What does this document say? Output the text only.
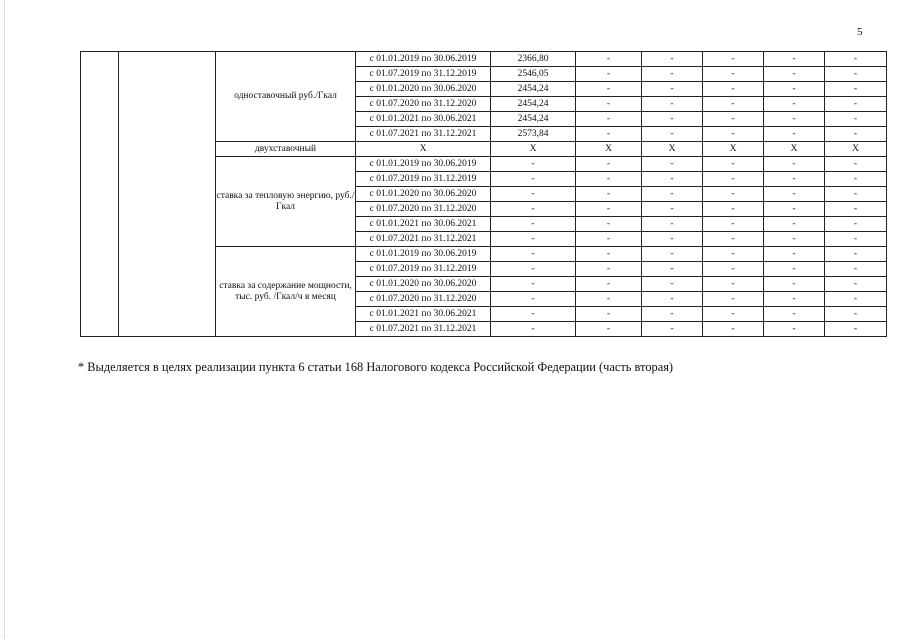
5
		одноставочный руб./Гкал	с 01.01.2019 по 30.06.2019	2366,80	-	-	-	-	-
			с 01.07.2019 по 31.12.2019	2546,05	-	-	-	-	-
			с 01.01.2020 по 30.06.2020	2454,24	-	-	-	-	-
			с 01.07.2020 по 31.12.2020	2454,24	-	-	-	-	-
			с 01.01.2021 по 30.06.2021	2454,24	-	-	-	-	-
			с 01.07.2021 по 31.12.2021	2573,84	-	-	-	-	-
		двухставочный	Х	Х	Х	Х	Х	Х	Х
		ставка за тепловую энергию, руб./Гкал	с 01.01.2019 по 30.06.2019	-	-	-	-	-	-
			с 01.07.2019 по 31.12.2019	-	-	-	-	-	-
			с 01.01.2020 по 30.06.2020	-	-	-	-	-	-
			с 01.07.2020 по 31.12.2020	-	-	-	-	-	-
			с 01.01.2021 по 30.06.2021	-	-	-	-	-	-
			с 01.07.2021 по 31.12.2021	-	-	-	-	-	-
		ставка за содержание мощности, тыс. руб. /Гкал/ч в месяц	с 01.01.2019 по 30.06.2019	-	-	-	-	-	-
			с 01.07.2019 по 31.12.2019	-	-	-	-	-	-
			с 01.01.2020 по 30.06.2020	-	-	-	-	-	-
			с 01.07.2020 по 31.12.2020	-	-	-	-	-	-
			с 01.01.2021 по 30.06.2021	-	-	-	-	-	-
			с 01.07.2021 по 31.12.2021	-	-	-	-	-	-
* Выделяется в целях реализации пункта 6 статьи 168 Налогового кодекса Российской Федерации (часть вторая)
